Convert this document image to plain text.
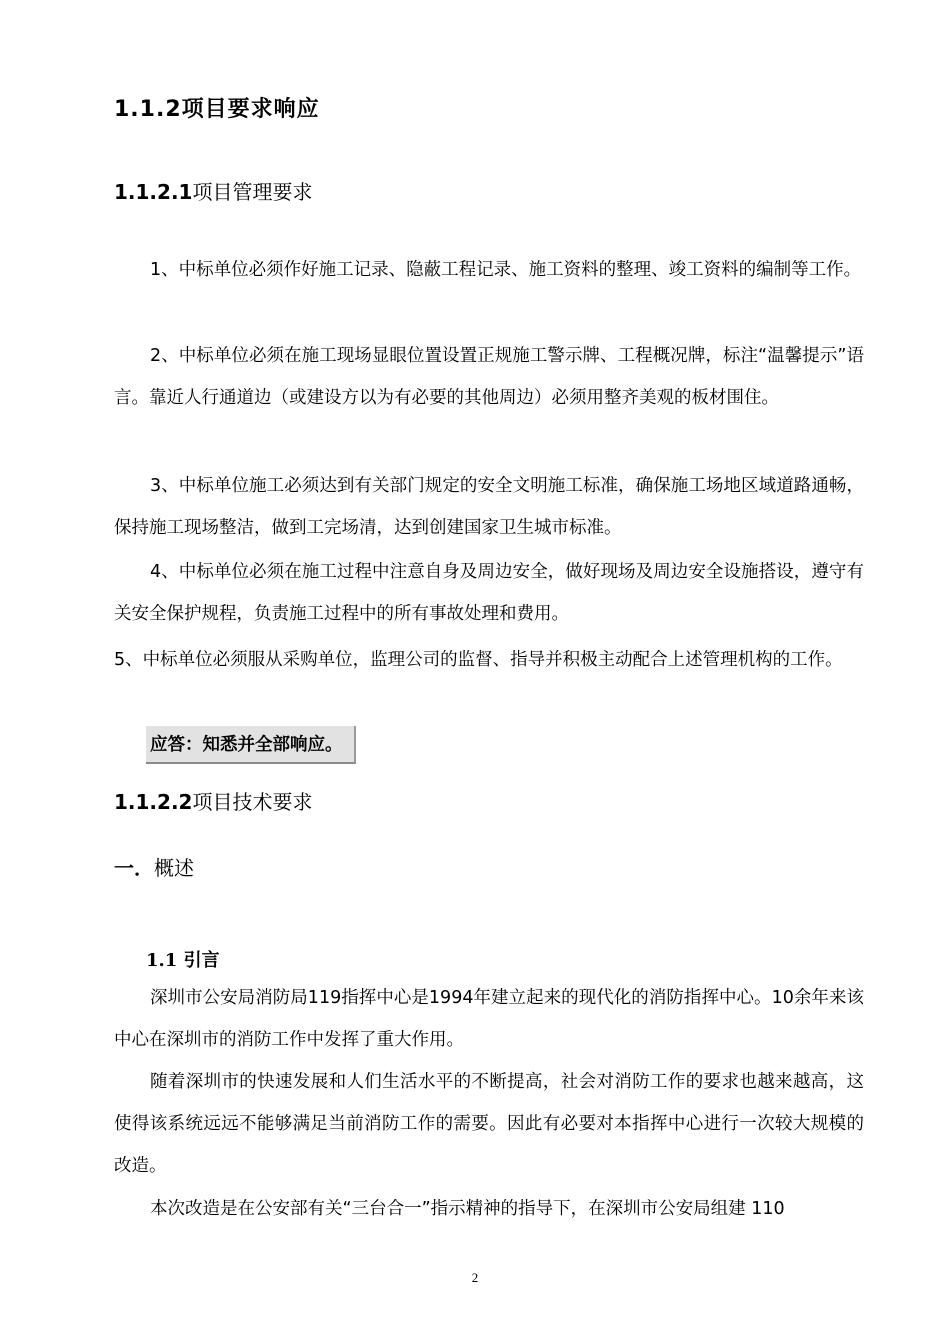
1.1.2项目要求响应
1.1.2.1项目管理要求

1、中标单位必须作好施工记录、隐蔽工程记录、施工资料的整理、竣工资料的编制等工作。

2、中标单位必须在施工现场显眼位置设置正规施工警示牌、工程概况牌，标注“温馨提示”语言。靠近人行通道边（或建设方以为有必要的其他周边）必须用整齐美观的板材围住。

3、中标单位施工必须达到有关部门规定的安全文明施工标准，确保施工场地区域道路通畅，保持施工现场整洁，做到工完场清，达到创建国家卫生城市标准。

4、中标单位必须在施工过程中注意自身及周边安全，做好现场及周边安全设施搭设，遵守有关安全保护规程，负责施工过程中的所有事故处理和费用。

5、中标单位必须服从采购单位，监理公司的监督、指导并积极主动配合上述管理机构的工作。

应答：知悉并全部响应。
1.1.2.2项目技术要求
一．概述
1.1 引言

深圳市公安局消防局119指挥中心是1994年建立起来的现代化的消防指挥中心。10余年来该中心在深圳市的消防工作中发挥了重大作用。

随着深圳市的快速发展和人们生活水平的不断提高，社会对消防工作的要求也越来越高，这使得该系统远远不能够满足当前消防工作的需要。因此有必要对本指挥中心进行一次较大规模的改造。

本次改造是在公安部有关“三台合一”指示精神的指导下，在深圳市公安局组建 110

2
